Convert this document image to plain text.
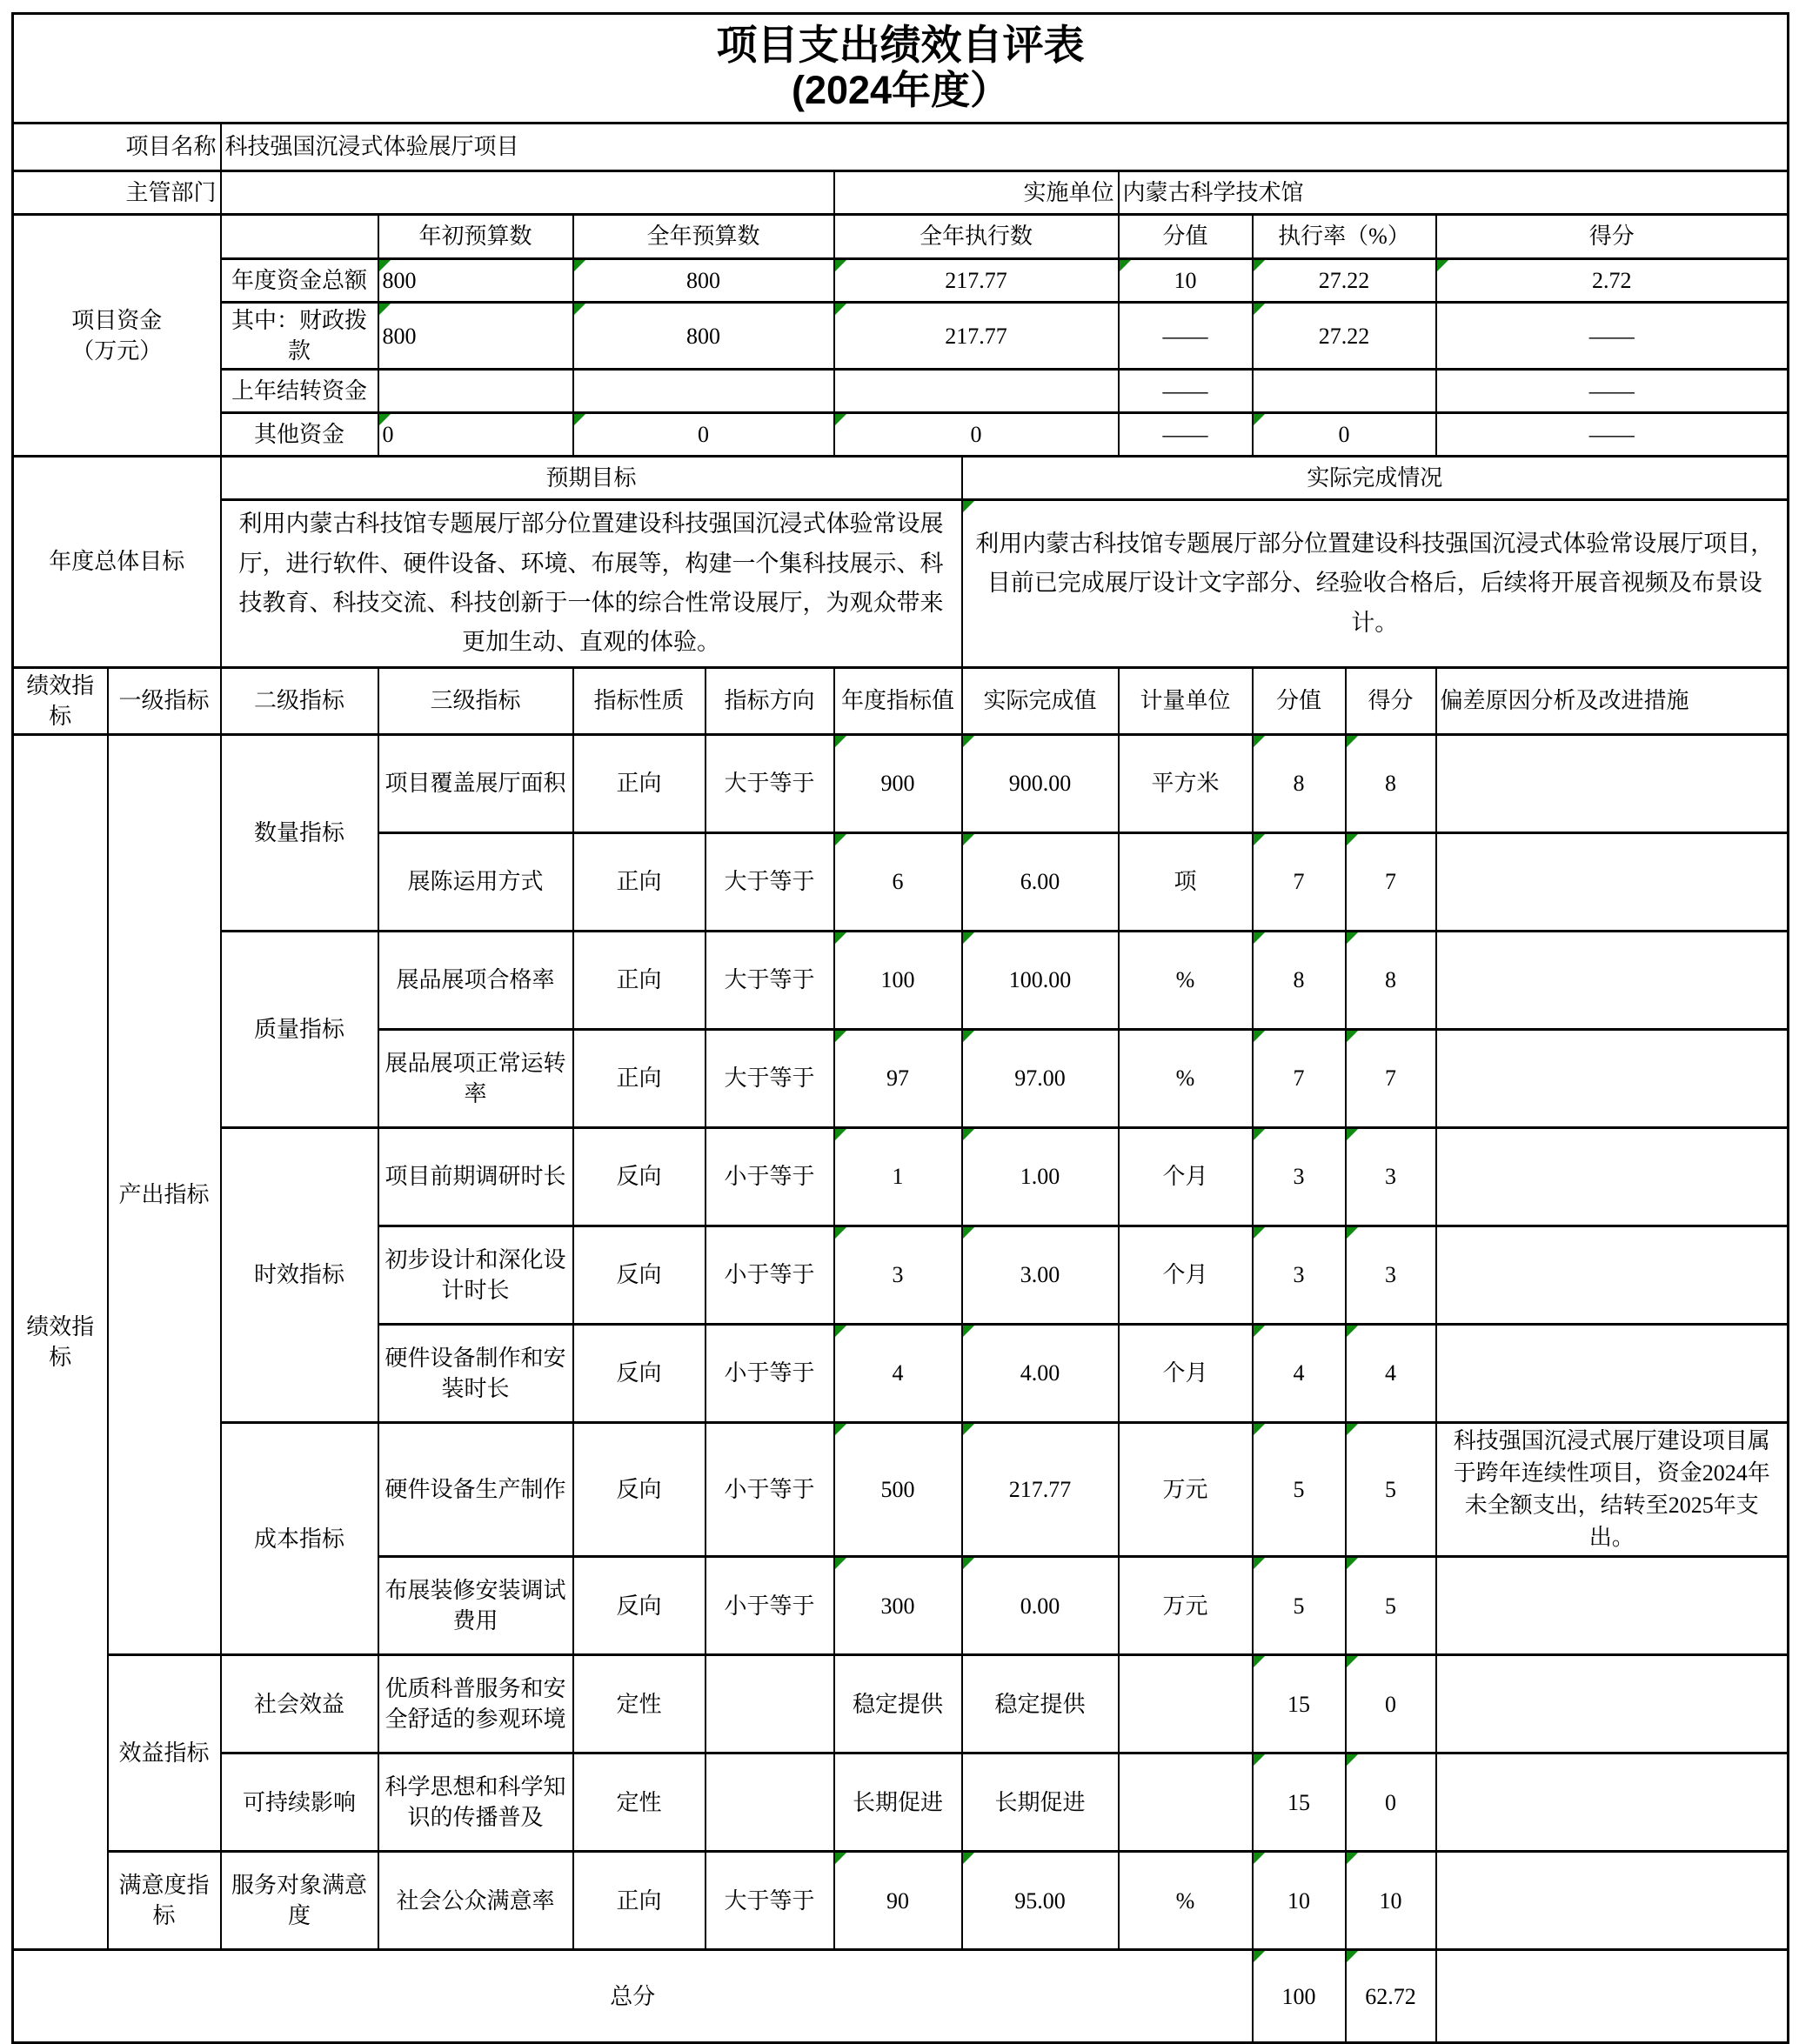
项目支出绩效自评表
(2024年度）											

项目名称		科技强国沉浸式体验展厅项目									
主管部门						实施单位		内蒙古科学技术馆			

项目资金
（万元）			年初预算数	全年预算数		全年执行数		分值	执行率（%）		得分
		年度资金总额	800	800		217.77		10	27.22		2.72
		其中：财政拨款	800	800		217.77		——	27.22		——
		上年结转资金						——			——
		其他资金	0	0		0		——	0		——
年度总体目标		预期目标					实际完成情况				
		利用内蒙古科技馆专题展厅部分位置建设科技强国沉浸式体验常设展厅，进行软件、硬件设备、环境、布展等，构建一个集科技展示、科技教育、科技交流、科技创新于一体的综合性常设展厅，为观众带来更加生动、直观的体验。					利用内蒙古科技馆专题展厅部分位置建设科技强国沉浸式体验常设展厅项目，目前已完成展厅设计文字部分、经验收合格后，后续将开展音视频及布景设计。				
绩效指标	一级指标	二级指标	三级指标	指标性质	指标方向	年度指标值	实际完成值	计量单位	分值	得分	偏差原因分析及改进措施
绩效指标	产出指标	数量指标	项目覆盖展厅面积	正向	大于等于	900	900.00	平方米	8	8	
			展陈运用方式	正向	大于等于	6	6.00	项	7	7	
		质量指标	展品展项合格率	正向	大于等于	100	100.00	%	8	8	
			展品展项正常运转率	正向	大于等于	97	97.00	%	7	7	
		时效指标	项目前期调研时长	反向	小于等于	1	1.00	个月	3	3	
			初步设计和深化设计时长	反向	小于等于	3	3.00	个月	3	3	
			硬件设备制作和安装时长	反向	小于等于	4	4.00	个月	4	4	
		成本指标	硬件设备生产制作	反向	小于等于	500	217.77	万元	5	5	科技强国沉浸式展厅建设项目属于跨年连续性项目，资金2024年未全额支出，结转至2025年支出。
			布展装修安装调试费用	反向	小于等于	300	0.00	万元	5	5	
	效益指标	社会效益	优质科普服务和安全舒适的参观环境	定性		稳定提供	稳定提供		15	0	
		可持续影响	科学思想和科学知识的传播普及	定性		长期促进	长期促进		15	0	
	满意度指标	服务对象满意度	社会公众满意率	正向	大于等于	90	95.00	%	10	10	
总分									100	62.72	
